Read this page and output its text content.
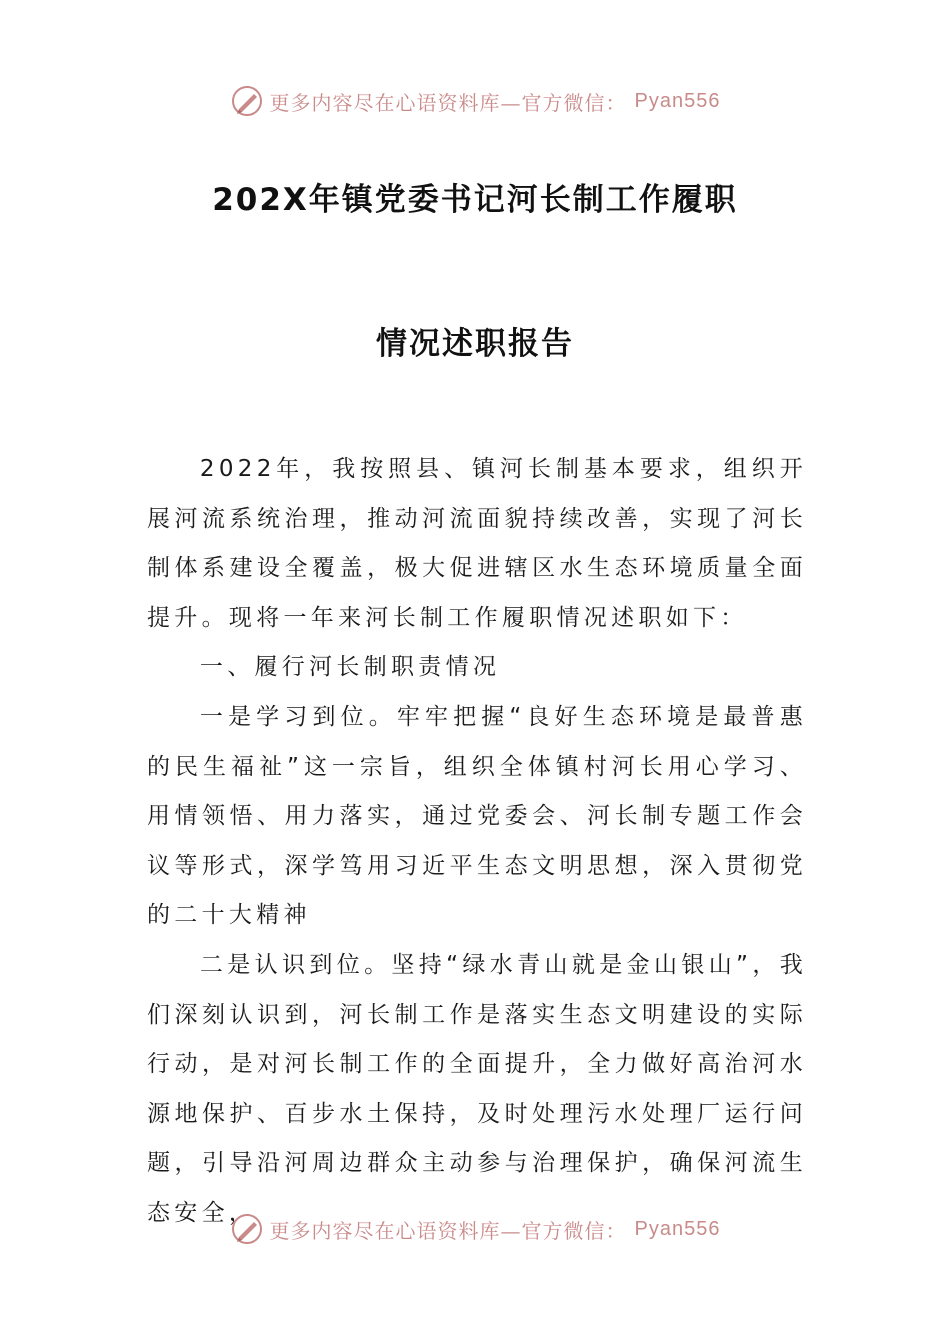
更多内容尽在心语资料库—官方微信： Pyan556
202X年镇党委书记河长制工作履职
情况述职报告

2022年，我按照县、镇河长制基本要求，组织开展河流系统治理，推动河流面貌持续改善，实现了河长制体系建设全覆盖，极大促进辖区水生态环境质量全面提升。现将一年来河长制工作履职情况述职如下：

一、履行河长制职责情况

一是学习到位。牢牢把握“良好生态环境是最普惠的民生福祉”这一宗旨，组织全体镇村河长用心学习、用情领悟、用力落实，通过党委会、河长制专题工作会议等形式，深学笃用习近平生态文明思想，深入贯彻党的二十大精神

二是认识到位。坚持“绿水青山就是金山银山”，我们深刻认识到，河长制工作是落实生态文明建设的实际行动，是对河长制工作的全面提升，全力做好高治河水源地保护、百步水土保持，及时处理污水处理厂运行问题，引导沿河周边群众主动参与治理保护，确保河流生态安全，

更多内容尽在心语资料库—官方微信： Pyan556
